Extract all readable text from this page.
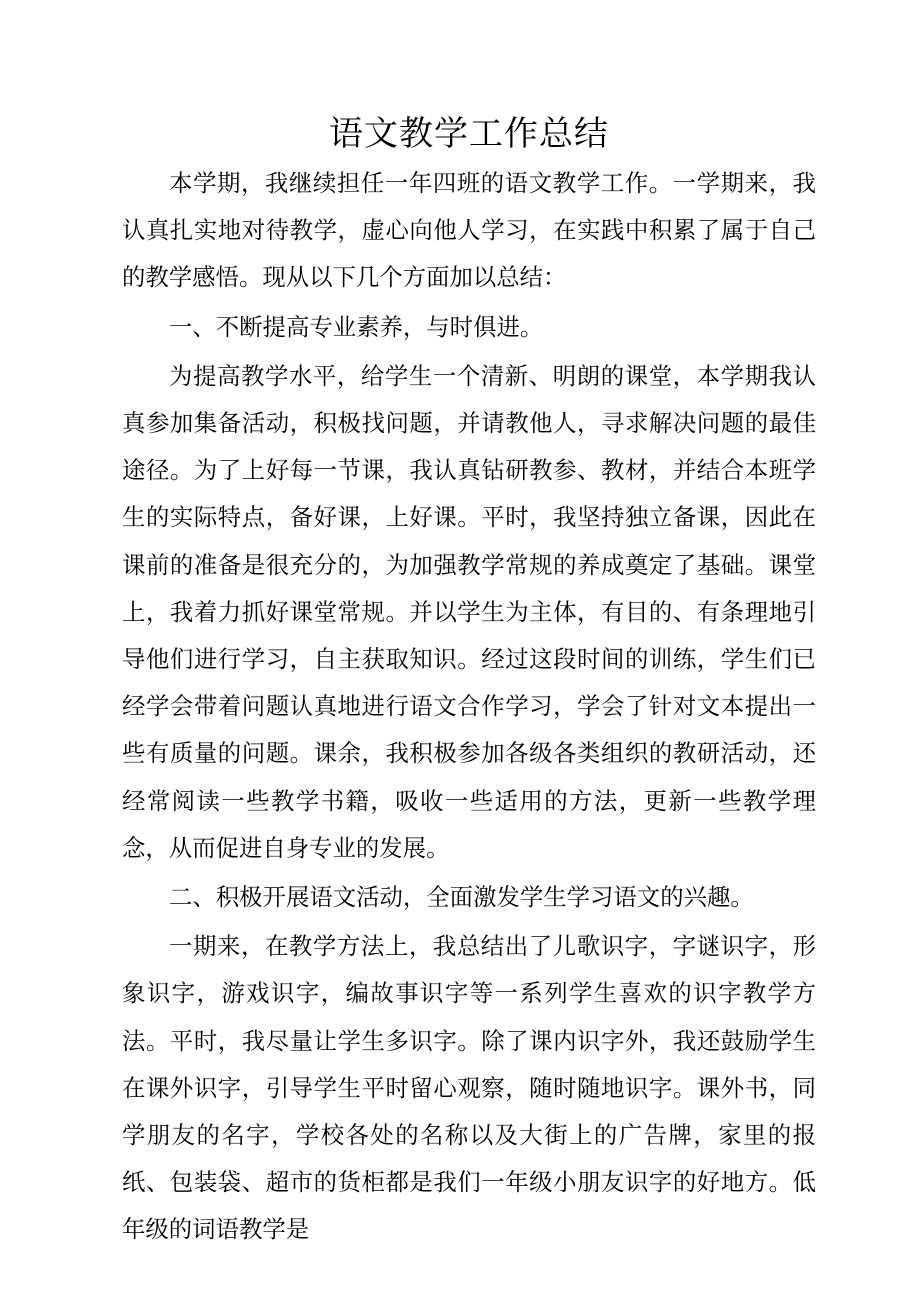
语文教学工作总结

本学期，我继续担任一年四班的语文教学工作。一学期来，我认真扎实地对待教学，虚心向他人学习，在实践中积累了属于自己的教学感悟。现从以下几个方面加以总结：

一、不断提高专业素养，与时俱进。

为提高教学水平，给学生一个清新、明朗的课堂，本学期我认真参加集备活动，积极找问题，并请教他人，寻求解决问题的最佳途径。为了上好每一节课，我认真钻研教参、教材，并结合本班学生的实际特点，备好课，上好课。平时，我坚持独立备课，因此在课前的准备是很充分的，为加强教学常规的养成奠定了基础。课堂上，我着力抓好课堂常规。并以学生为主体，有目的、有条理地引导他们进行学习，自主获取知识。经过这段时间的训练，学生们已经学会带着问题认真地进行语文合作学习，学会了针对文本提出一些有质量的问题。课余，我积极参加各级各类组织的教研活动，还经常阅读一些教学书籍，吸收一些适用的方法，更新一些教学理念，从而促进自身专业的发展。

二、积极开展语文活动，全面激发学生学习语文的兴趣。

一期来，在教学方法上，我总结出了儿歌识字，字谜识字，形象识字，游戏识字，编故事识字等一系列学生喜欢的识字教学方法。平时，我尽量让学生多识字。除了课内识字外，我还鼓励学生在课外识字，引导学生平时留心观察，随时随地识字。课外书，同学朋友的名字，学校各处的名称以及大街上的广告牌，家里的报纸、包装袋、超市的货柜都是我们一年级小朋友识字的好地方。低年级的词语教学是
